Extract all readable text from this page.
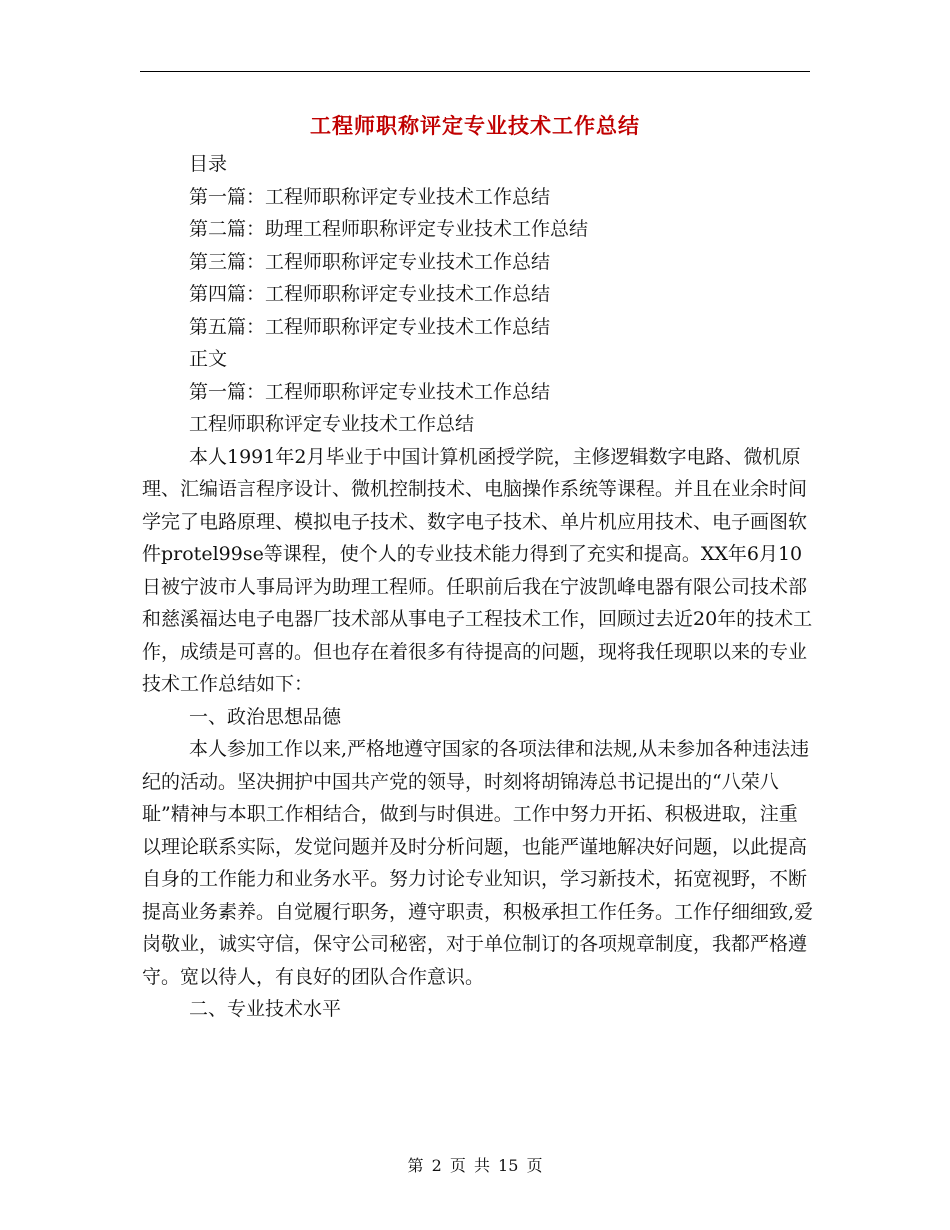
工程师职称评定专业技术工作总结
目录
第一篇：工程师职称评定专业技术工作总结
第二篇：助理工程师职称评定专业技术工作总结
第三篇：工程师职称评定专业技术工作总结
第四篇：工程师职称评定专业技术工作总结
第五篇：工程师职称评定专业技术工作总结
正文
第一篇：工程师职称评定专业技术工作总结
工程师职称评定专业技术工作总结
本人1991年2月毕业于中国计算机函授学院，主修逻辑数字电路、微机原理、汇编语言程序设计、微机控制技术、电脑操作系统等课程。并且在业余时间学完了电路原理、模拟电子技术、数字电子技术、单片机应用技术、电子画图软件protel99se等课程，使个人的专业技术能力得到了充实和提高。XX年6月10日被宁波市人事局评为助理工程师。任职前后我在宁波凯峰电器有限公司技术部和慈溪福达电子电器厂技术部从事电子工程技术工作，回顾过去近20年的技术工作，成绩是可喜的。但也存在着很多有待提高的问题，现将我任现职以来的专业技术工作总结如下：
一、政治思想品德
本人参加工作以来,严格地遵守国家的各项法律和法规,从未参加各种违法违纪的活动。坚决拥护中国共产党的领导，时刻将胡锦涛总书记提出的“八荣八耻”精神与本职工作相结合，做到与时俱进。工作中努力开拓、积极进取，注重以理论联系实际，发觉问题并及时分析问题，也能严谨地解决好问题，以此提高自身的工作能力和业务水平。努力讨论专业知识，学习新技术，拓宽视野，不断提高业务素养。自觉履行职务，遵守职责，积极承担工作任务。工作仔细细致,爱岗敬业，诚实守信，保守公司秘密，对于单位制订的各项规章制度，我都严格遵守。宽以待人，有良好的团队合作意识。
二、专业技术水平
第 2 页 共 15 页
